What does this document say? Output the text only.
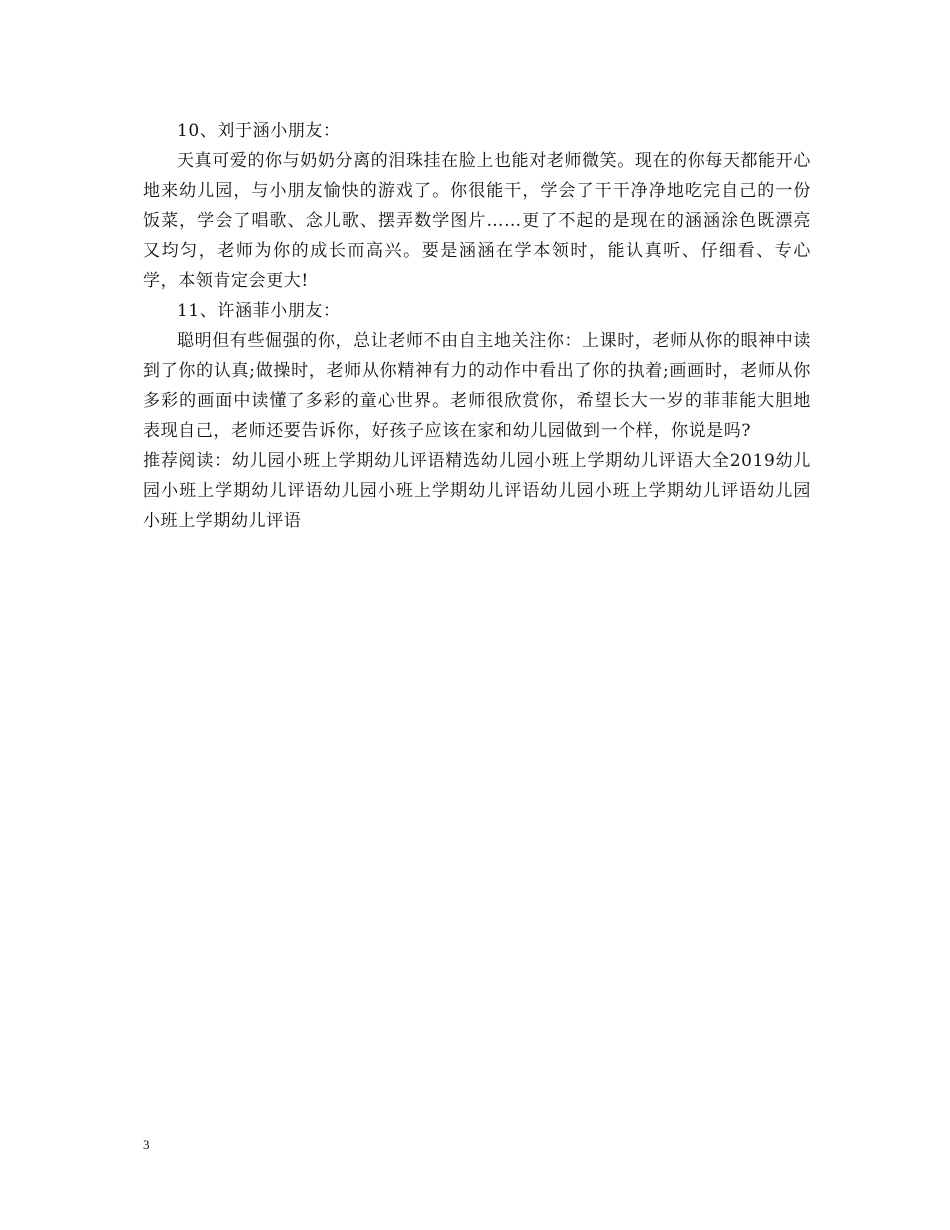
10、刘于涵小朋友：

天真可爱的你与奶奶分离的泪珠挂在脸上也能对老师微笑。现在的你每天都能开心地来幼儿园，与小朋友愉快的游戏了。你很能干，学会了干干净净地吃完自己的一份饭菜，学会了唱歌、念儿歌、摆弄数学图片……更了不起的是现在的涵涵涂色既漂亮又均匀，老师为你的成长而高兴。要是涵涵在学本领时，能认真听、仔细看、专心学，本领肯定会更大!

11、许涵菲小朋友：

聪明但有些倔强的你，总让老师不由自主地关注你：上课时，老师从你的眼神中读到了你的认真;做操时，老师从你精神有力的动作中看出了你的执着;画画时，老师从你多彩的画面中读懂了多彩的童心世界。老师很欣赏你，希望长大一岁的菲菲能大胆地表现自己，老师还要告诉你，好孩子应该在家和幼儿园做到一个样，你说是吗?

推荐阅读：幼儿园小班上学期幼儿评语精选幼儿园小班上学期幼儿评语大全2019幼儿园小班上学期幼儿评语幼儿园小班上学期幼儿评语幼儿园小班上学期幼儿评语幼儿园小班上学期幼儿评语

3
